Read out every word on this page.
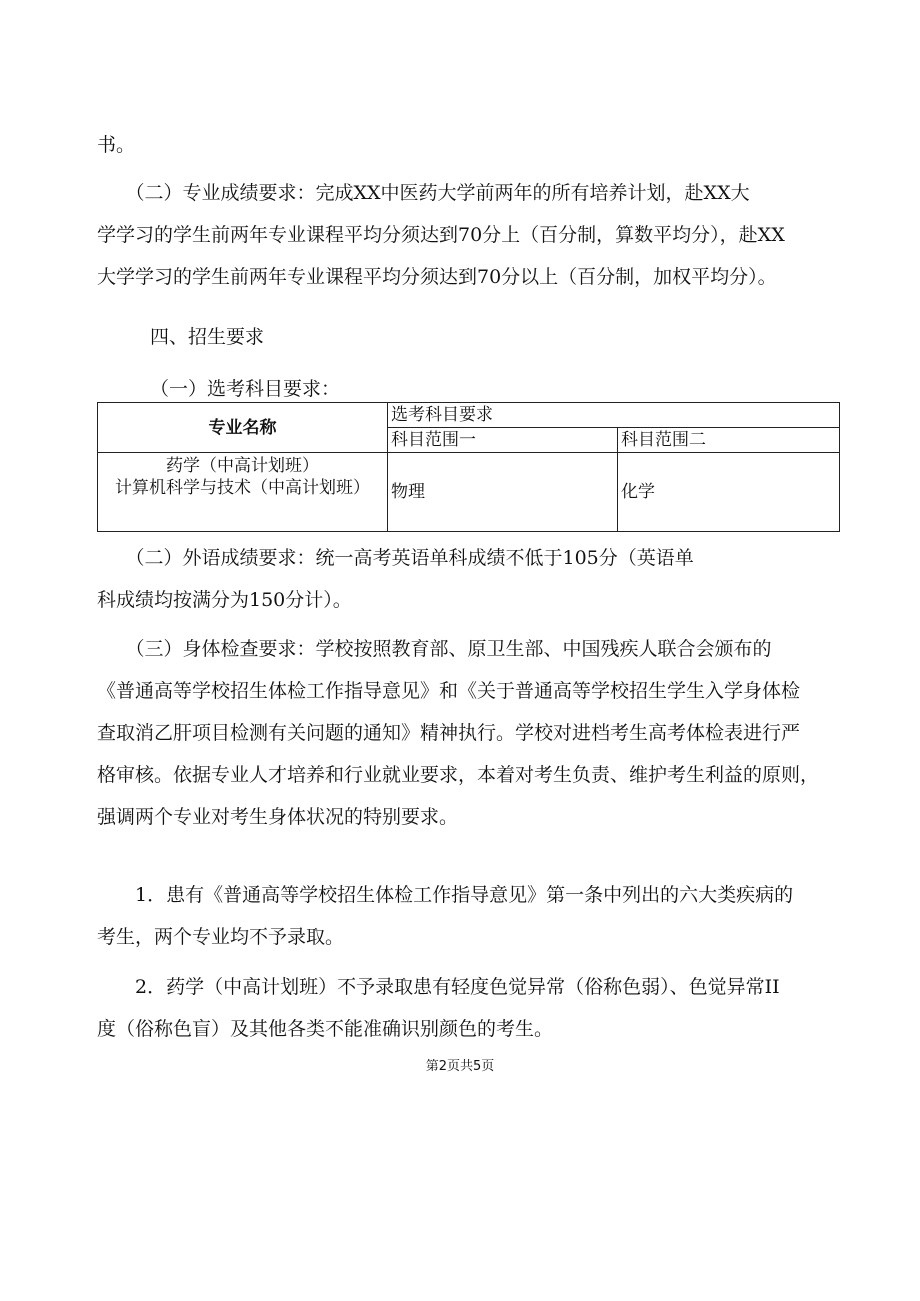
书。
　　（二）专业成绩要求：完成XX中医药大学前两年的所有培养计划，赴XX大
学学习的学生前两年专业课程平均分须达到70分上（百分制，算数平均分），赴XX
大学学习的学生前两年专业课程平均分须达到70分以上（百分制，加权平均分）。
四、招生要求
（一）选考科目要求：
专业名称	选考科目要求	
	科目范围一	科目范围二

药学（中高计划班）
计算机科学与技术（中高计划班）	物理	化学
　　（二）外语成绩要求：统一高考英语单科成绩不低于105分（英语单
科成绩均按满分为150分计）。
　　（三）身体检查要求：学校按照教育部、原卫生部、中国残疾人联合会颁布的
《普通高等学校招生体检工作指导意见》和《关于普通高等学校招生学生入学身体检
查取消乙肝项目检测有关问题的通知》精神执行。学校对进档考生高考体检表进行严
格审核。依据专业人才培养和行业就业要求，本着对考生负责、维护考生利益的原则，
强调两个专业对考生身体状况的特别要求。
　　1．患有《普通高等学校招生体检工作指导意见》第一条中列出的六大类疾病的
考生，两个专业均不予录取。
　　2．药学（中高计划班）不予录取患有轻度色觉异常（俗称色弱）、色觉异常II
度（俗称色盲）及其他各类不能准确识别颜色的考生。
第2页共5页
